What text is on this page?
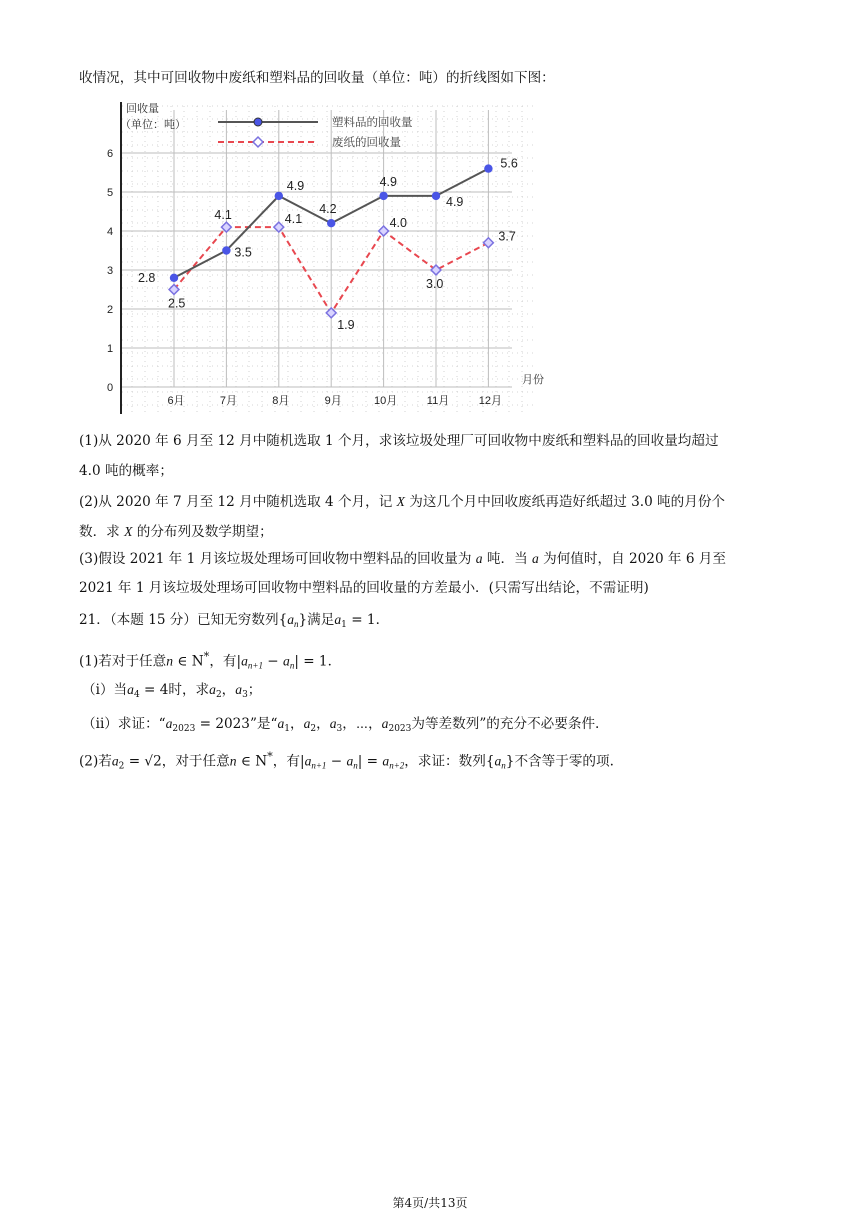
收情况，其中可回收物中废纸和塑料品的回收量（单位：吨）的折线图如下图：
回收量
（单位：吨）
月份
0
1
2
3
4
5
6
6月	7月	8月	9月	10月	11月	12月
塑料品的回收量
废纸的回收量
2.8
3.5
4.9
4.2
4.9
4.9
5.6
2.5
4.1	4.1
1.9
4.0
3.0
3.7
(1)从 2020 年 6 月至 12 月中随机选取 1 个月，求该垃圾处理厂可回收物中废纸和塑料品的回收量均超过
4.0 吨的概率；
(2)从 2020 年 7 月至 12 月中随机选取 4 个月，记 X 为这几个月中回收废纸再造好纸超过 3.0 吨的月份个
数．求 X 的分布列及数学期望；
(3)假设 2021 年 1 月该垃圾处理场可回收物中塑料品的回收量为 a 吨．当 a 为何值时，自 2020 年 6 月至
2021 年 1 月该垃圾处理场可回收物中塑料品的回收量的方差最小．(只需写出结论，不需证明)
21．（本题 15 分）已知无穷数列$\{a_n\}$满足$a_1 = 1$．
(1)若对于任意n ∈ N*，有$|a_{n+1} - a_n| = 1$．
（i）当$a_4 = 4$时，求$a_2$，$a_3$；
（ii）求证：“$a_{2023} = 2023$”是“$a_1$，$a_2$，$a_3$，⋯，$a_{2023}$为等差数列”的充分不必要条件.
(2)若$a_2 = √2$，对于任意n ∈ N*，有$|a_{n+1} - a_n| = a_{n+2}$，求证：数列$\{a_n\}$不含等于零的项.
第4页/共13页
